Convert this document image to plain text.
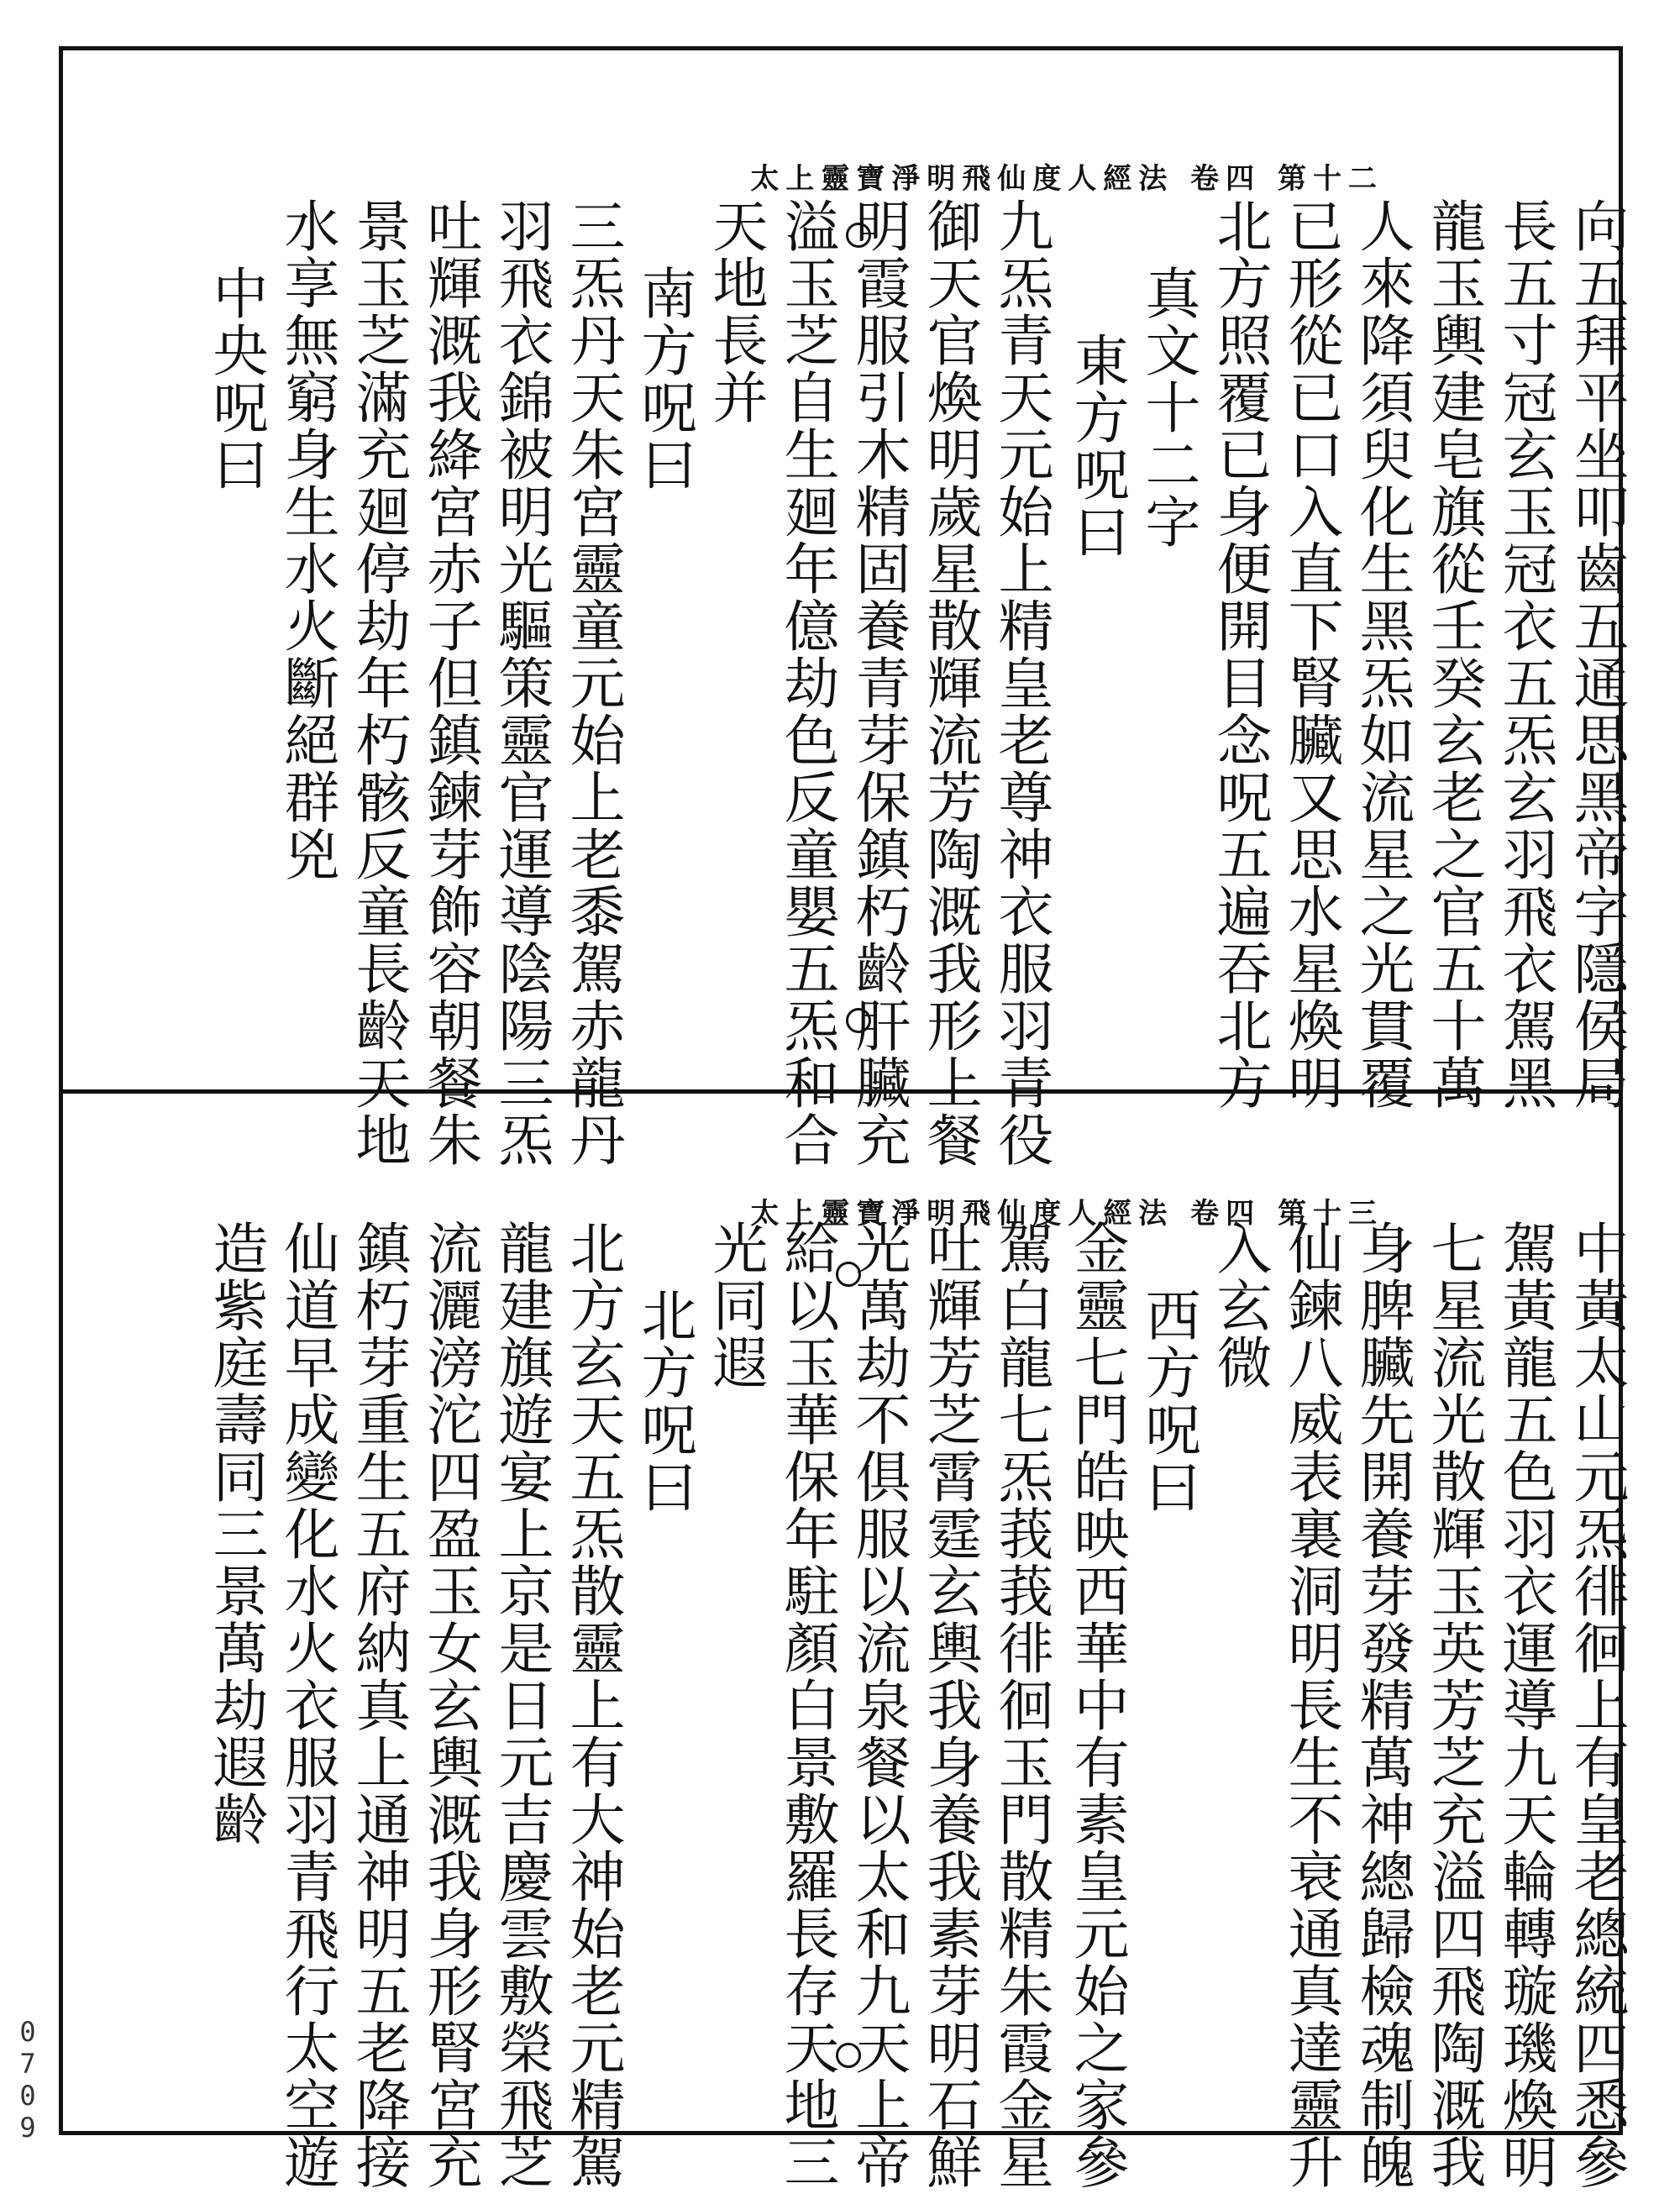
0709
太上靈寶淨明飛仙度人經法 卷四 第十二
向五拜平坐叩齒五通思黑帝字隱侯局
長五寸冠玄玉冠衣五炁玄羽飛衣駕黑
龍玉輿建皂旗從壬癸玄老之官五十萬
人來降須臾化生黑炁如流星之光貫覆
已形從已口入直下腎臟又思水星煥明
北方照覆已身便開目念呪五遍吞北方
真文十二字
東方呪曰
九炁青天元始上精皇老尊神衣服羽青役
御天官煥明歲星散輝流芳陶溉我形上餐
明霞服引木精固養青芽保鎮朽齡肝臟充
溢玉芝自生廻年億劫色反童嬰五炁和合
天地長并
南方呪曰
三炁丹天朱宮靈童元始上老黍駕赤龍丹
羽飛衣錦被明光驅策靈官運導陰陽三炁
吐輝溉我絳宮赤子但鎮鍊芽飾容朝餐朱
景玉芝滿充廻停劫年朽骸反童長齡天地
水享無窮身生水火斷絕群兇
中央呪曰
太上靈寶淨明飛仙度人經法 卷四 第十三
中黃太山元炁徘徊上有皇老總統四悉參
駕黃龍五色羽衣運導九天輪轉璇璣煥明
七星流光散輝玉英芳芝充溢四飛陶溉我
身脾臟先開養芽發精萬神總歸檢魂制魄
仙鍊八威表裏洞明長生不衰通真達靈升
入玄微
西方呪曰
金靈七門皓映西華中有素皇元始之家參
駕白龍七炁莪莪徘徊玉門散精朱霞金星
吐輝芳芝霄霆玄輿我身養我素芽明石鮮
光萬劫不俱服以流泉餐以太和九天上帝
給以玉華保年駐顏白景敷羅長存天地三
光同遐
北方呪曰
北方玄天五炁散靈上有大神始老元精駕
龍建旗遊宴上京是日元吉慶雲敷榮飛芝
流灑滂沱四盈玉女玄輿溉我身形腎宮充
鎮朽芽重生五府納真上通神明五老降接
仙道早成變化水火衣服羽青飛行太空遊
造紫庭壽同三景萬劫遐齡
